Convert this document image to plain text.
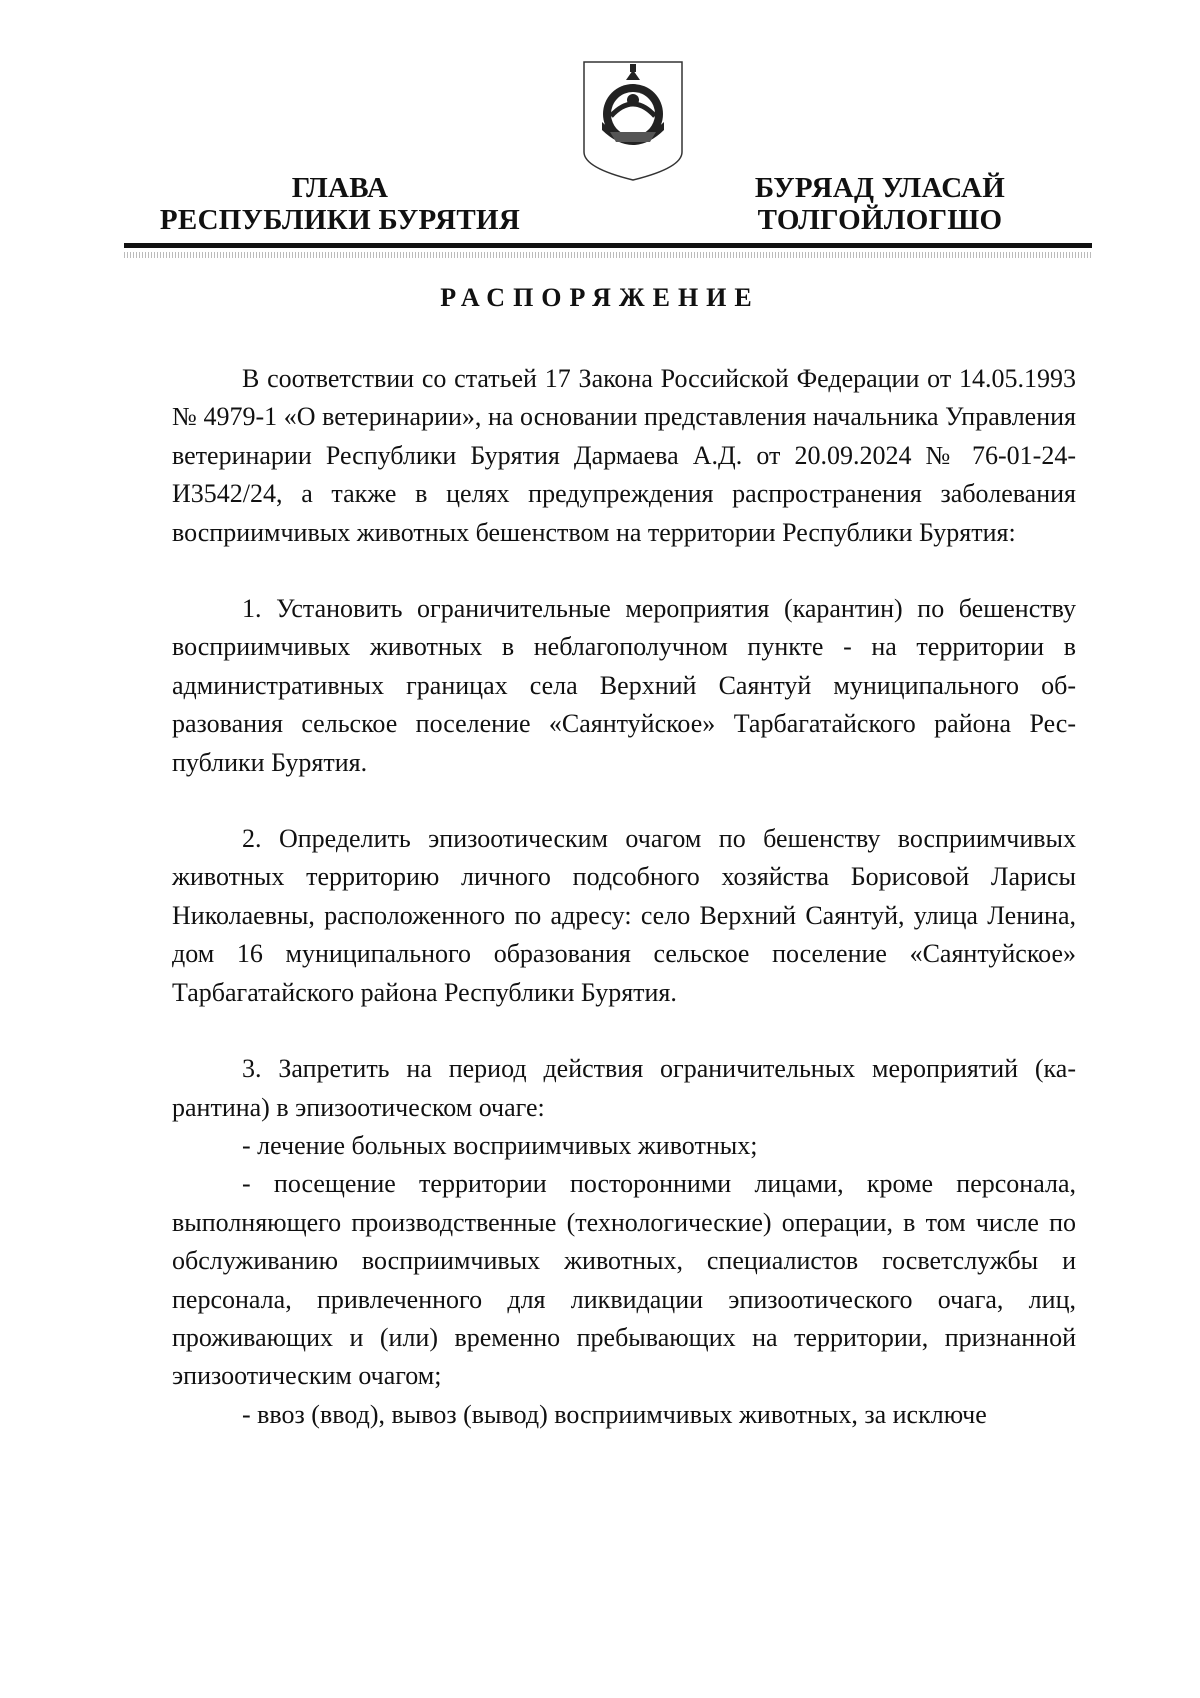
ГЛАВА
РЕСПУБЛИКИ БУРЯТИЯ
БУРЯАД УЛАСАЙ
ТОЛГОЙЛОГШО
РАСПОРЯЖЕНИЕ

В соответствии со статьей 17 Закона Российской Федерации от 14.05.1993 № 4979-1 «О ветеринарии», на основании представления начальника Управления ветеринарии Республики Бурятия Дармаева А.Д. от 20.09.2024 № 76-01-24-И3542/24, а также в целях предупреждения распространения заболевания восприимчивых животных бешенством на территории Республики Бурятия:

1. Установить ограничительные мероприятия (карантин) по бешенству восприимчивых животных в неблагополучном пункте - на территории в административных границах села Верхний Саянтуй муниципального образования сельское поселение «Саянтуйское» Тарбагатайского района Республики Бурятия.

2. Определить эпизоотическим очагом по бешенству восприимчивых животных территорию личного подсобного хозяйства Борисовой Ларисы Николаевны, расположенного по адресу: село Верхний Саянтуй, улица Ленина, дом 16 муниципального образования сельское поселение «Саянтуйское» Тарбагатайского района Республики Бурятия.

3. Запретить на период действия ограничительных мероприятий (карантина) в эпизоотическом очаге:

- лечение больных восприимчивых животных;

- посещение территории посторонними лицами, кроме персонала, выполняющего производственные (технологические) операции, в том числе по обслуживанию восприимчивых животных, специалистов госветслужбы и персонала, привлеченного для ликвидации эпизоотического очага, лиц, проживающих и (или) временно пребывающих на территории, признанной эпизоотическим очагом;

- ввоз (ввод), вывоз (вывод) восприимчивых животных, за исключе
